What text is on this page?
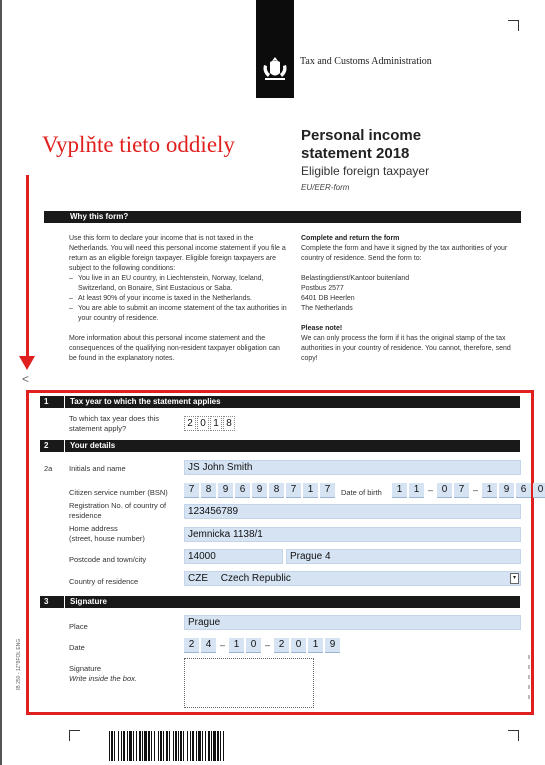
Tax and Customs Administration
Vyplňte tieto oddiely
<
Personal income
statement 2018
Eligible foreign taxpayer
EU/EER-form
Why this form?

Use this form to declare your income that is not taxed in the Netherlands. You will need this personal income statement if you file a return as an eligible foreign taxpayer. Eligible foreign taxpayers are subject to the following conditions:

– You live in an EU country, in Liechtenstein, Norway, Iceland, Switzerland, on Bonaire, Sint Eustacious or Saba.

– At least 90% of your income is taxed in the Netherlands.

– You are able to submit an income statement of the tax authorities in your country of residence.

More information about this personal income statement and the consequences of the qualifying non-resident taxpayer obligation can be found in the explanatory notes.

Complete and return the form

Complete the form and have it signed by the tax authorities of your country of residence. Send the form to:

Belastingdienst/Kantoor buitenland

Postbus 2577

6401 DB Heerlen

The Netherlands

Please note!

We can only process the form if it has the original stamp of the tax authorities in your country of residence. You cannot, therefore, send copy!

1	Tax year to which the statement applies
To which tax year does this statement apply?	2 0 1 8
2	Your details
2a Initials and name	JS John Smith
Citizen service number (BSN)	7	8	9	6	9	8	7	1	7	Date of birth	1	1 – 0	7 – 1	9	6	0
Registration No. of country of residence	123456789
Home address
(street, house number)	Jemnicka 1138/1
Postcode and town/city	14000	Prague 4
Country of residence	CZE Czech Republic	▾
3	Signature
Place	Prague
Date	2	4 – 1	0 – 2	0	1	9
Signature
Write inside the box.
IB 250 - 1Z*8FOL ENG
